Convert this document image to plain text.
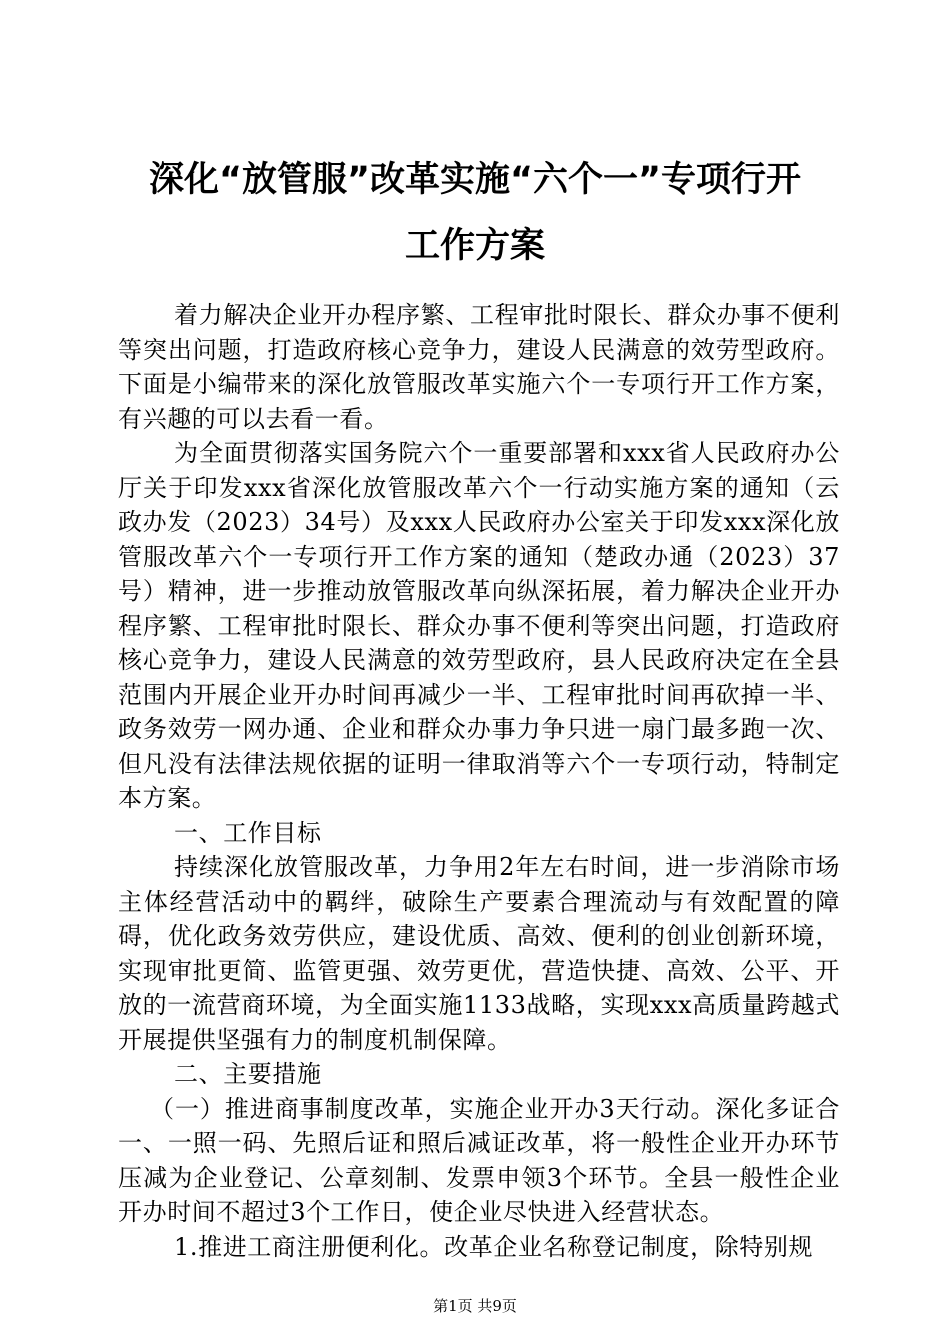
深化“放管服”改革实施“六个一”专项行开
工作方案

着力解决企业开办程序繁、工程审批时限长、群众办事不便利等突出问题，打造政府核心竞争力，建设人民满意的效劳型政府。下面是小编带来的深化放管服改革实施六个一专项行开工作方案，有兴趣的可以去看一看。

为全面贯彻落实国务院六个一重要部署和xxx省人民政府办公厅关于印发xxx省深化放管服改革六个一行动实施方案的通知（云政办发（2023）34号）及xxx人民政府办公室关于印发xxx深化放管服改革六个一专项行开工作方案的通知（楚政办通（2023）37号）精神，进一步推动放管服改革向纵深拓展，着力解决企业开办程序繁、工程审批时限长、群众办事不便利等突出问题，打造政府核心竞争力，建设人民满意的效劳型政府，县人民政府决定在全县范围内开展企业开办时间再减少一半、工程审批时间再砍掉一半、政务效劳一网办通、企业和群众办事力争只进一扇门最多跑一次、但凡没有法律法规依据的证明一律取消等六个一专项行动，特制定本方案。

一、工作目标

持续深化放管服改革，力争用2年左右时间，进一步消除市场主体经营活动中的羁绊，破除生产要素合理流动与有效配置的障碍，优化政务效劳供应，建设优质、高效、便利的创业创新环境，实现审批更简、监管更强、效劳更优，营造快捷、高效、公平、开放的一流营商环境，为全面实施1133战略，实现xxx高质量跨越式开展提供坚强有力的制度机制保障。

二、主要措施

（一）推进商事制度改革，实施企业开办3天行动。深化多证合一、一照一码、先照后证和照后减证改革，将一般性企业开办环节压减为企业登记、公章刻制、发票申领3个环节。全县一般性企业开办时间不超过3个工作日，使企业尽快进入经营状态。

1.推进工商注册便利化。改革企业名称登记制度，除特别规

第1页 共9页
